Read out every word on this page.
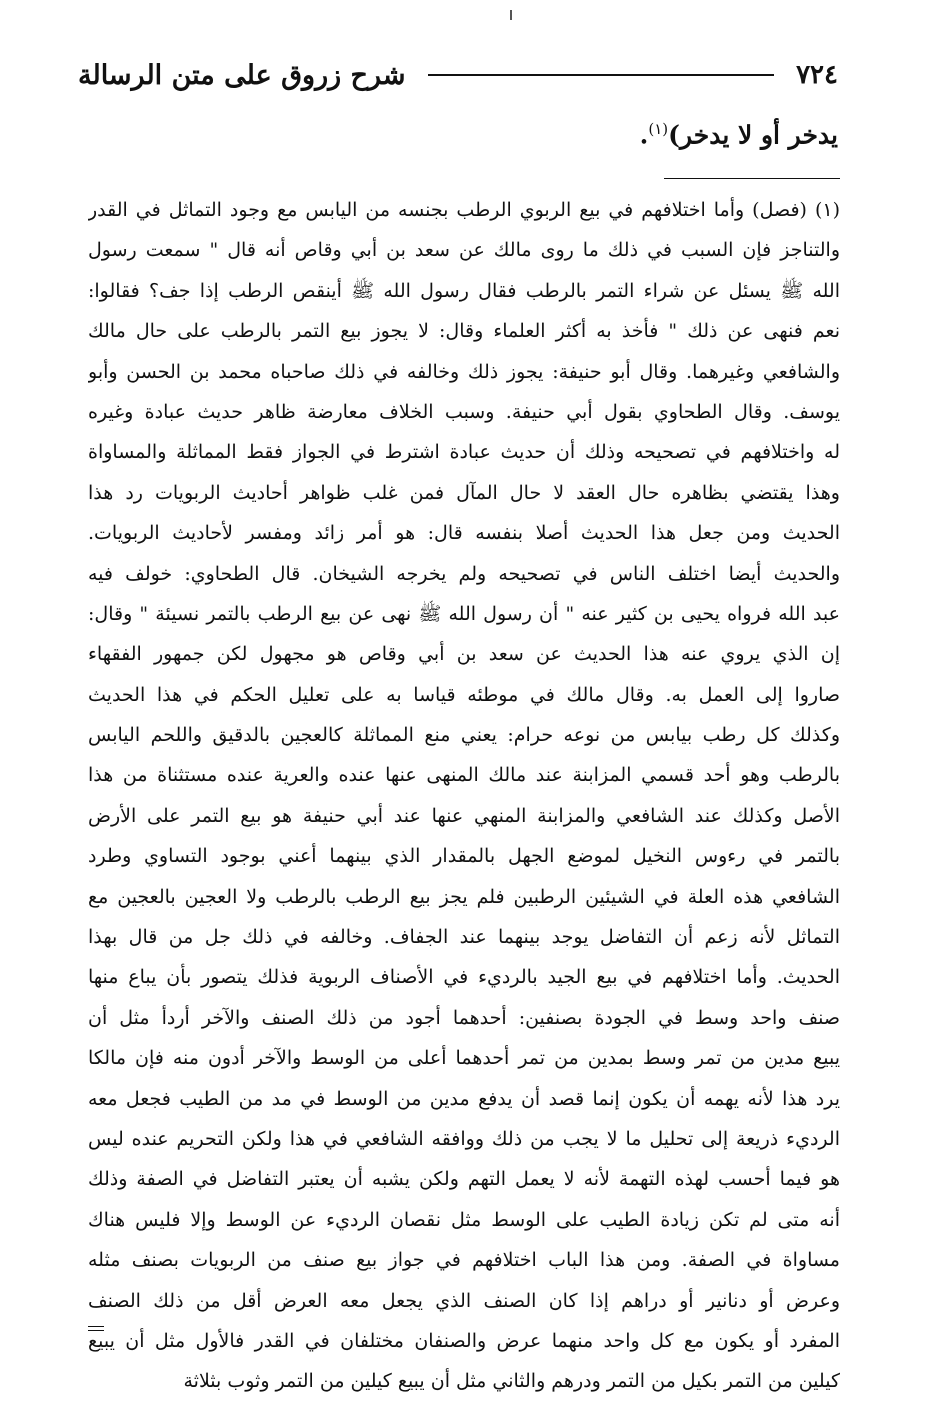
شرح زروق على متن الرسالة	٧٢٤
يدخر أو لا يدخر)$^{(١)}$.
(١)(فصل) وأما اختلافهم في بيع الربوي الرطب بجنسه من اليابس مع وجود التماثل في القدر
والتناجز فإن السبب في ذلك ما روى مالك عن سعد بن أبي وقاص أنه قال " سمعت رسول
الله ﷺ يسئل عن شراء التمر بالرطب فقال رسول الله ﷺ أينقص الرطب إذا جف؟ فقالوا:
نعم فنهى عن ذلك " فأخذ به أكثر العلماء وقال: لا يجوز بيع التمر بالرطب على حال مالك
والشافعي وغيرهما. وقال أبو حنيفة: يجوز ذلك وخالفه في ذلك صاحباه محمد بن الحسن وأبو
يوسف. وقال الطحاوي بقول أبي حنيفة. وسبب الخلاف معارضة ظاهر حديث عبادة وغيره
له واختلافهم في تصحيحه وذلك أن حديث عبادة اشترط في الجواز فقط المماثلة والمساواة
وهذا يقتضي بظاهره حال العقد لا حال المآل فمن غلب ظواهر أحاديث الربويات رد هذا
الحديث ومن جعل هذا الحديث أصلا بنفسه قال: هو أمر زائد ومفسر لأحاديث الربويات.
والحديث أيضا اختلف الناس في تصحيحه ولم يخرجه الشيخان. قال الطحاوي: خولف فيه
عبد الله فرواه يحيى بن كثير عنه " أن رسول الله ﷺ نهى عن بيع الرطب بالتمر نسيئة " وقال:
إن الذي يروي عنه هذا الحديث عن سعد بن أبي وقاص هو مجهول لكن جمهور الفقهاء
صاروا إلى العمل به. وقال مالك في موطئه قياسا به على تعليل الحكم في هذا الحديث
وكذلك كل رطب بيابس من نوعه حرام: يعني منع المماثلة كالعجين بالدقيق واللحم اليابس
بالرطب وهو أحد قسمي المزابنة عند مالك المنهى عنها عنده والعرية عنده مستثناة من هذا
الأصل وكذلك عند الشافعي والمزابنة المنهي عنها عند أبي حنيفة هو بيع التمر على الأرض
بالتمر في رءوس النخيل لموضع الجهل بالمقدار الذي بينهما أعني بوجود التساوي وطرد
الشافعي هذه العلة في الشيئين الرطبين فلم يجز بيع الرطب بالرطب ولا العجين بالعجين مع
التماثل لأنه زعم أن التفاضل يوجد بينهما عند الجفاف. وخالفه في ذلك جل من قال بهذا
الحديث. وأما اختلافهم في بيع الجيد بالرديء في الأصناف الربوية فذلك يتصور بأن يباع منها
صنف واحد وسط في الجودة بصنفين: أحدهما أجود من ذلك الصنف والآخر أردأ مثل أن
يبيع مدين من تمر وسط بمدين من تمر أحدهما أعلى من الوسط والآخر أدون منه فإن مالكا
يرد هذا لأنه يهمه أن يكون إنما قصد أن يدفع مدين من الوسط في مد من الطيب فجعل معه
الرديء ذريعة إلى تحليل ما لا يجب من ذلك ووافقه الشافعي في هذا ولكن التحريم عنده ليس
هو فيما أحسب لهذه التهمة لأنه لا يعمل التهم ولكن يشبه أن يعتبر التفاضل في الصفة وذلك
أنه متى لم تكن زيادة الطيب على الوسط مثل نقصان الرديء عن الوسط وإلا فليس هناك
مساواة في الصفة. ومن هذا الباب اختلافهم في جواز بيع صنف من الربويات بصنف مثله
وعرض أو دنانير أو دراهم إذا كان الصنف الذي يجعل معه العرض أقل من ذلك الصنف
المفرد أو يكون مع كل واحد منهما عرض والصنفان مختلفان في القدر فالأول مثل أن يبيع
كيلين من التمر بكيل من التمر ودرهم والثاني مثل أن يبيع كيلين من التمر وثوب بثلاثة
